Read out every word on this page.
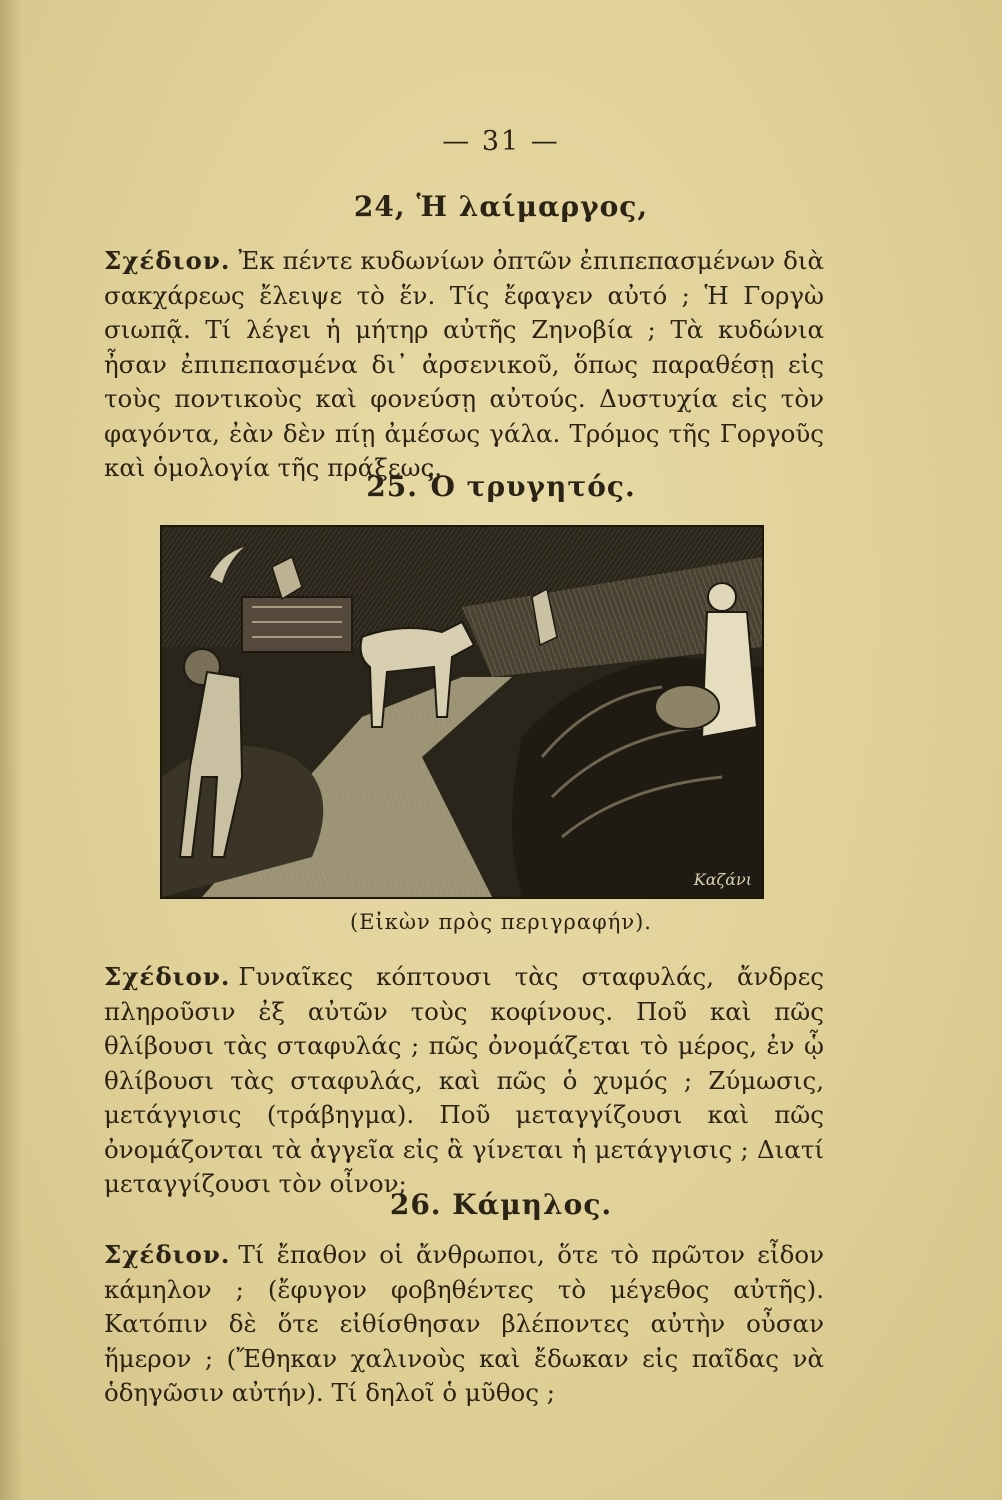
— 31 —
24, Ἡ λαίμαργος,
Σχέδιον. Ἐκ πέντε κυδωνίων ὀπτῶν ἐπιπεπασμένων διὰ σακχάρεως ἔλειψε τὸ ἕν. Τίς ἔφαγεν αὐτό ; Ἡ Γοργὼ σιωπᾷ. Τί λέγει ἡ μήτηρ αὐτῆς Ζηνοβία ; Τὰ κυδώνια ἦσαν ἐπιπεπασμένα δι᾽ ἀρσενικοῦ, ὅπως παραθέσῃ εἰς τοὺς ποντικοὺς καὶ φονεύσῃ αὐτούς. Δυστυχία εἰς τὸν φαγόντα, ἐὰν δὲν πίῃ ἀμέσως γάλα. Τρόμος τῆς Γοργοῦς καὶ ὁμολογία τῆς πράξεως.
25. Ὁ τρυγητός.
Καζάνι
(Εἰκὼν πρὸς περιγραφήν).
Σχέδιον. Γυναῖκες κόπτουσι τὰς σταφυλάς, ἄνδρες πληροῦσιν ἐξ αὐτῶν τοὺς κοφίνους. Ποῦ καὶ πῶς θλίβουσι τὰς σταφυλάς ; πῶς ὀνομάζεται τὸ μέρος, ἐν ᾧ θλίβουσι τὰς σταφυλάς, καὶ πῶς ὁ χυμός ; Ζύμωσις, μετάγγισις (τράβηγμα). Ποῦ μεταγγίζουσι καὶ πῶς ὀνομάζονται τὰ ἀγγεῖα εἰς ἃ γίνεται ἡ μετάγγισις ; Διατί μεταγγίζουσι τὸν οἶνον;
26. Κάμηλος.
Σχέδιον. Τί ἔπαθον οἱ ἄνθρωποι, ὅτε τὸ πρῶτον εἶδον κάμηλον ; (ἔφυγον φοβηθέντες τὸ μέγεθος αὐτῆς). Κατόπιν δὲ ὅτε εἰθίσθησαν βλέποντες αὐτὴν οὖσαν ἥμερον ; (Ἔθηκαν χαλινοὺς καὶ ἔδωκαν εἰς παῖδας νὰ ὁδηγῶσιν αὐτήν). Τί δηλοῖ ὁ μῦθος ;
